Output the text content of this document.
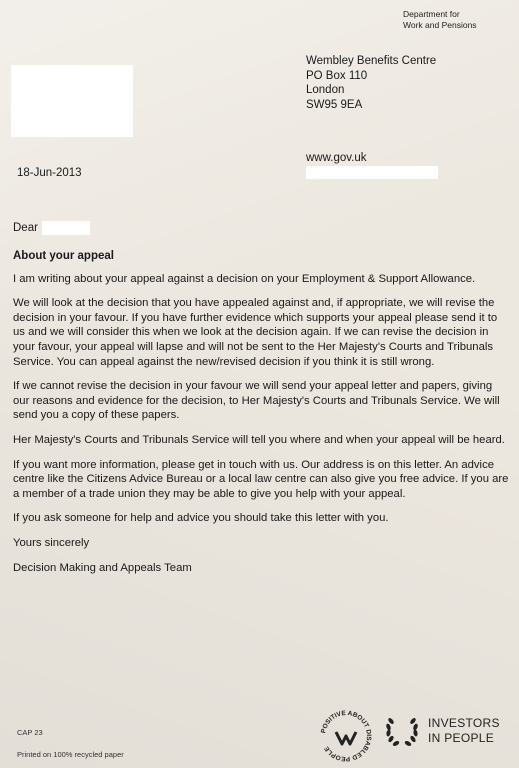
Department for
Work and Pensions
Wembley Benefits Centre
PO Box 110
London
SW95 9EA
www.gov.uk
18-Jun-2013
Dear
About your appeal

I am writing about your appeal against a decision on your Employment & Support Allowance.

We will look at the decision that you have appealed against and, if appropriate, we will revise the decision in your favour. If you have further evidence which supports your appeal please send it to us and we will consider this when we look at the decision again. If we can revise the decision in your favour, your appeal will lapse and will not be sent to the Her Majesty's Courts and Tribunals Service. You can appeal against the new/revised decision if you think it is still wrong.

If we cannot revise the decision in your favour we will send your appeal letter and papers, giving our reasons and evidence for the decision, to Her Majesty's Courts and Tribunals Service. We will send you a copy of these papers.

Her Majesty's Courts and Tribunals Service will tell you where and when your appeal will be heard.

If you want more information, please get in touch with us. Our address is on this letter. An advice centre like the Citizens Advice Bureau or a local law centre can also give you free advice. If you are a member of a trade union they may be able to give you help with your appeal.

If you ask someone for help and advice you should take this letter with you.

Yours sincerely

Decision Making and Appeals Team

CAP 23
Printed on 100% recycled paper
POSITIVE ABOUT DISABLED PEOPLE
INVESTORS
IN PEOPLE
